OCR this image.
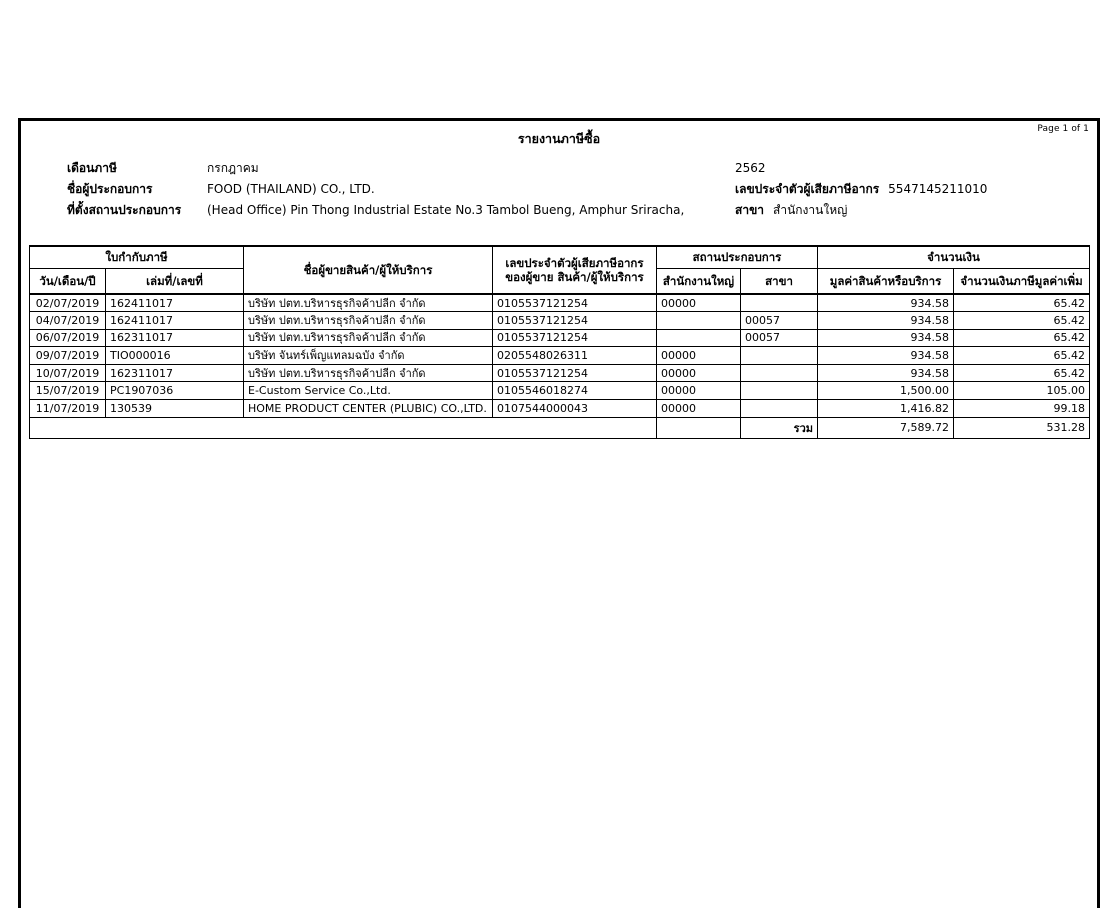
Page 1 of 1
รายงานภาษีซื้อ
เดือนภาษี	กรกฎาคม
ชื่อผู้ประกอบการ	FOOD (THAILAND) CO., LTD.
ที่ตั้งสถานประกอบการ	(Head Office) Pin Thong Industrial Estate No.3 Tambol Bueng, Amphur Sriracha,
2562
เลขประจำตัวผู้เสียภาษีอากร 5547145211010
สาขา สำนักงานใหญ่
ใบกำกับภาษี		ชื่อผู้ขายสินค้า/ผู้ให้บริการ	เลขประจำตัวผู้เสียภาษีอากร
ของผู้ขาย สินค้า/ผู้ให้บริการ	สถานประกอบการ		จำนวนเงิน	
วัน/เดือน/ปี	เล่มที่/เลขที่			สำนักงานใหญ่	สาขา	มูลค่าสินค้าหรือบริการ	จำนวนเงินภาษีมูลค่าเพิ่ม
02/07/2019	162411017	บริษัท ปตท.บริหารธุรกิจค้าปลีก จำกัด	0105537121254	00000		934.58	65.42
04/07/2019	162411017	บริษัท ปตท.บริหารธุรกิจค้าปลีก จำกัด	0105537121254		00057	934.58	65.42
06/07/2019	162311017	บริษัท ปตท.บริหารธุรกิจค้าปลีก จำกัด	0105537121254		00057	934.58	65.42
09/07/2019	TIO000016	บริษัท จันทร์เพ็ญแทลมฉบัง จำกัด	0205548026311	00000		934.58	65.42
10/07/2019	162311017	บริษัท ปตท.บริหารธุรกิจค้าปลีก จำกัด	0105537121254	00000		934.58	65.42
15/07/2019	PC1907036	E-Custom Service Co.,Ltd.	0105546018274	00000		1,500.00	105.00
11/07/2019	130539	HOME PRODUCT CENTER (PLUBIC) CO.,LTD.	0107544000043	00000		1,416.82	99.18
					รวม	7,589.72	531.28
